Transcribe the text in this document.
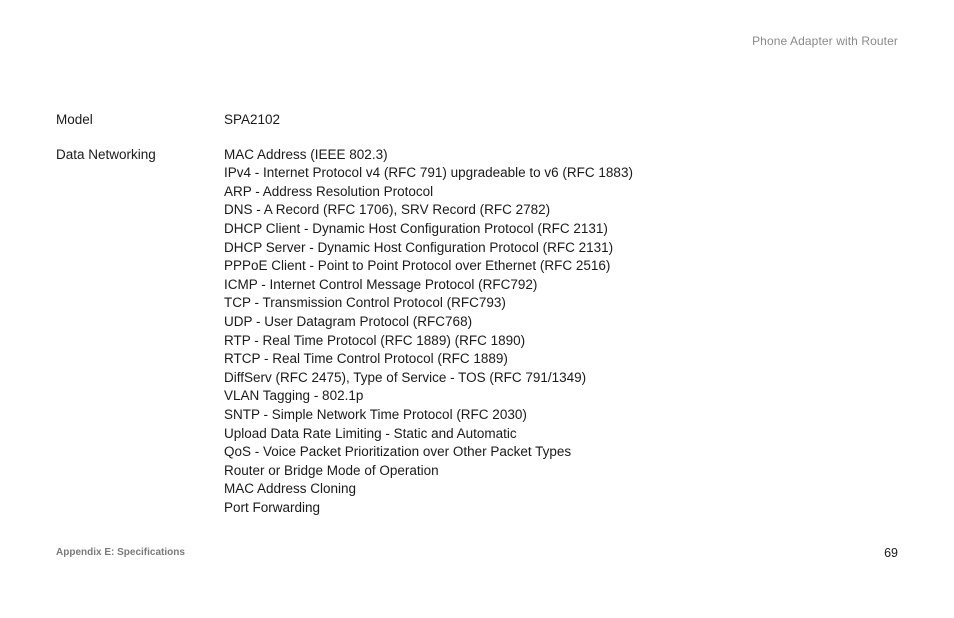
Phone Adapter with Router
Model	SPA2102
Data Networking	MAC Address (IEEE 802.3)
IPv4 - Internet Protocol v4 (RFC 791) upgradeable to v6 (RFC 1883)
ARP - Address Resolution Protocol
DNS - A Record (RFC 1706), SRV Record (RFC 2782)
DHCP Client - Dynamic Host Configuration Protocol (RFC 2131)
DHCP Server - Dynamic Host Configuration Protocol (RFC 2131)
PPPoE Client - Point to Point Protocol over Ethernet (RFC 2516)
ICMP - Internet Control Message Protocol (RFC792)
TCP - Transmission Control Protocol (RFC793)
UDP - User Datagram Protocol (RFC768)
RTP - Real Time Protocol (RFC 1889) (RFC 1890)
RTCP - Real Time Control Protocol (RFC 1889)
DiffServ (RFC 2475), Type of Service - TOS (RFC 791/1349)
VLAN Tagging - 802.1p
SNTP - Simple Network Time Protocol (RFC 2030)
Upload Data Rate Limiting - Static and Automatic
QoS - Voice Packet Prioritization over Other Packet Types
Router or Bridge Mode of Operation
MAC Address Cloning
Port Forwarding
Appendix E: Specifications	69
